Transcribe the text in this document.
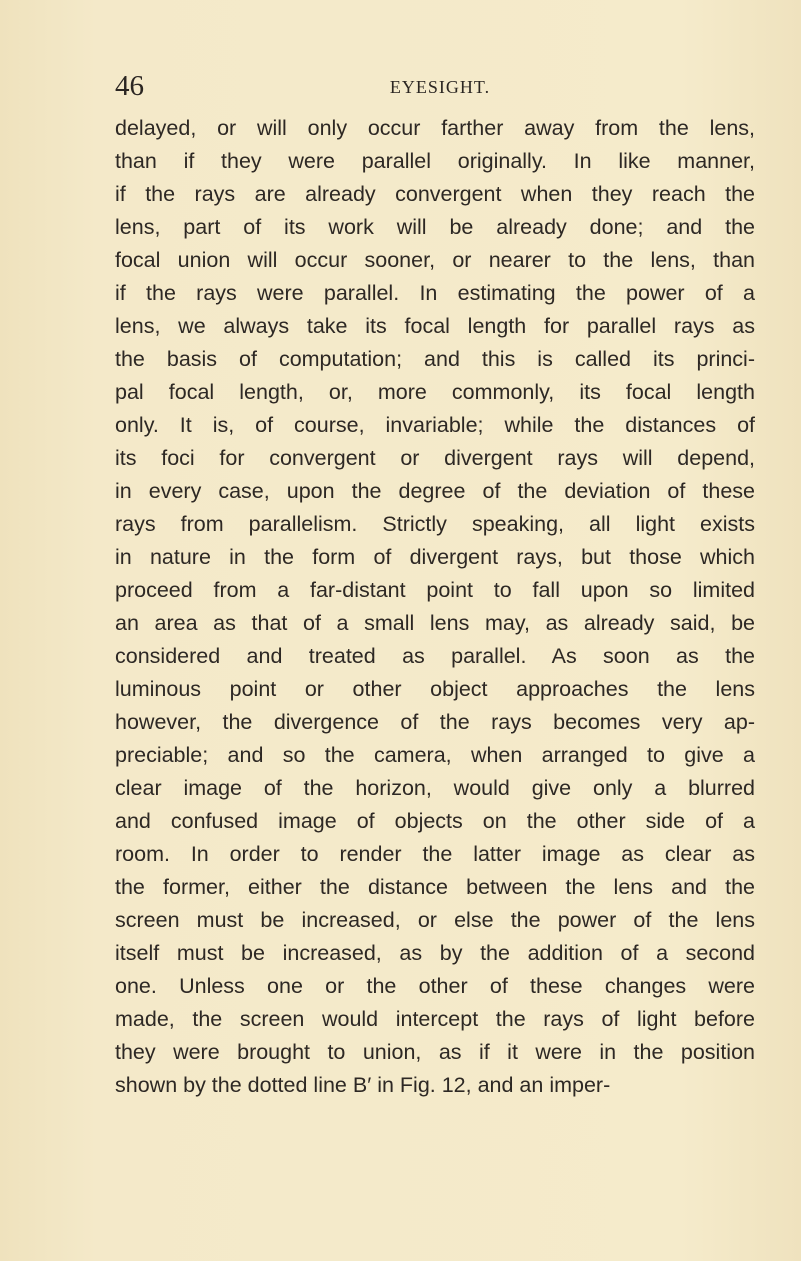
46	EYESIGHT.
delayed, or will only occur farther away from the lens,
than if they were parallel originally. In like manner,
if the rays are already convergent when they reach the
lens, part of its work will be already done; and the
focal union will occur sooner, or nearer to the lens, than
if the rays were parallel. In estimating the power of a
lens, we always take its focal length for parallel rays as
the basis of computation; and this is called its princi-
pal focal length, or, more commonly, its focal length
only. It is, of course, invariable; while the distances of
its foci for convergent or divergent rays will depend,
in every case, upon the degree of the deviation of these
rays from parallelism. Strictly speaking, all light exists
in nature in the form of divergent rays, but those which
proceed from a far-distant point to fall upon so limited
an area as that of a small lens may, as already said, be
considered and treated as parallel. As soon as the
luminous point or other object approaches the lens
however, the divergence of the rays becomes very ap-
preciable; and so the camera, when arranged to give a
clear image of the horizon, would give only a blurred
and confused image of objects on the other side of a
room. In order to render the latter image as clear as
the former, either the distance between the lens and the
screen must be increased, or else the power of the lens
itself must be increased, as by the addition of a second
one. Unless one or the other of these changes were
made, the screen would intercept the rays of light before
they were brought to union, as if it were in the position
shown by the dotted line B′ in Fig. 12, and an imper-
